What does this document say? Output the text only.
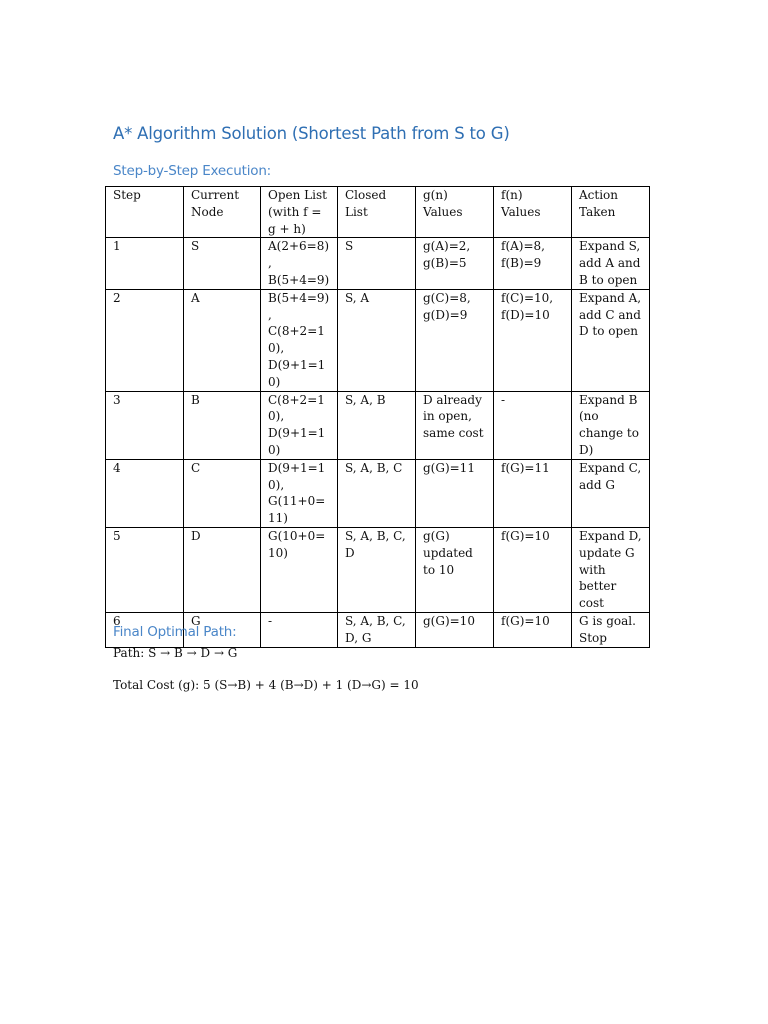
A* Algorithm Solution (Shortest Path from S to G)
Step-by-Step Execution:
Step	Current Node	Open List (with f = g + h)	Closed List	g(n) Values	f(n) Values	Action Taken
1	S	A(2+6=8), B(5+4=9)	S	g(A)=2, g(B)=5	f(A)=8, f(B)=9	Expand S, add A and B to open
2	A	B(5+4=9), C(8+2=10), D(9+1=10)	S, A	g(C)=8, g(D)=9	f(C)=10, f(D)=10	Expand A, add C and D to open
3	B	C(8+2=10), D(9+1=10)	S, A, B	D already in open, same cost	-	Expand B (no change to D)
4	C	D(9+1=10), G(11+0=11)	S, A, B, C	g(G)=11	f(G)=11	Expand C, add G
5	D	G(10+0=10)	S, A, B, C, D	g(G) updated to 10	f(G)=10	Expand D, update G with better cost
6	G	-	S, A, B, C, D, G	g(G)=10	f(G)=10	G is goal. Stop
Final Optimal Path:
Path: S → B → D → G
Total Cost (g): 5 (S→B) + 4 (B→D) + 1 (D→G) = 10
